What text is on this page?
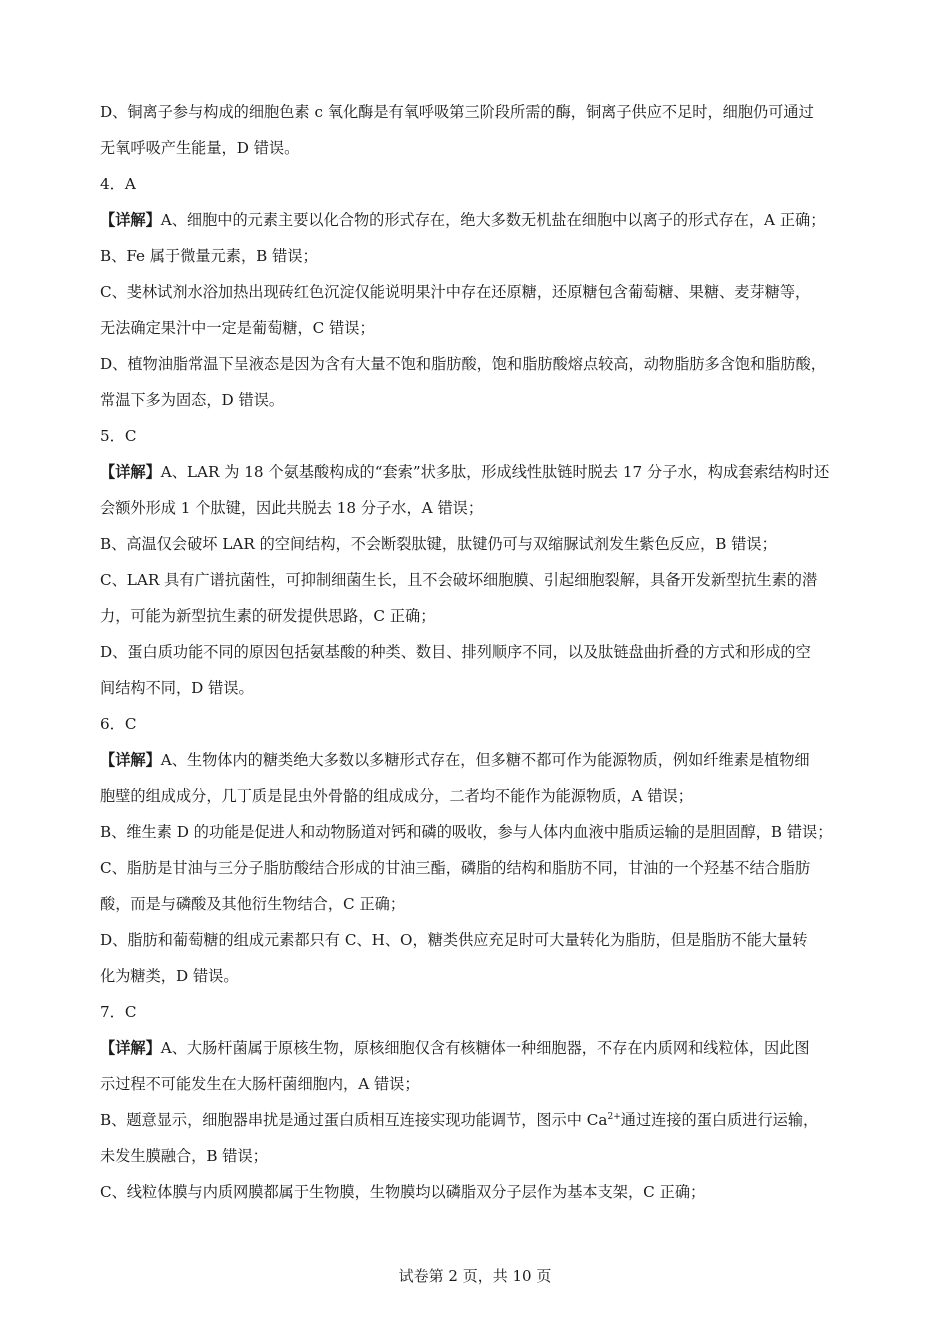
D、铜离子参与构成的细胞色素 c 氧化酶是有氧呼吸第三阶段所需的酶，铜离子供应不足时，细胞仍可通过
无氧呼吸产生能量，D 错误。
4．A
【详解】A、细胞中的元素主要以化合物的形式存在，绝大多数无机盐在细胞中以离子的形式存在，A 正确；
B、Fe 属于微量元素，B 错误；
C、斐林试剂水浴加热出现砖红色沉淀仅能说明果汁中存在还原糖，还原糖包含葡萄糖、果糖、麦芽糖等，
无法确定果汁中一定是葡萄糖，C 错误；
D、植物油脂常温下呈液态是因为含有大量不饱和脂肪酸，饱和脂肪酸熔点较高，动物脂肪多含饱和脂肪酸，
常温下多为固态，D 错误。
5．C
【详解】A、LAR 为 18 个氨基酸构成的“套索”状多肽，形成线性肽链时脱去 17 分子水，构成套索结构时还
会额外形成 1 个肽键，因此共脱去 18 分子水，A 错误；
B、高温仅会破坏 LAR 的空间结构，不会断裂肽键，肽键仍可与双缩脲试剂发生紫色反应，B 错误；
C、LAR 具有广谱抗菌性，可抑制细菌生长，且不会破坏细胞膜、引起细胞裂解，具备开发新型抗生素的潜
力，可能为新型抗生素的研发提供思路，C 正确；
D、蛋白质功能不同的原因包括氨基酸的种类、数目、排列顺序不同，以及肽链盘曲折叠的方式和形成的空
间结构不同，D 错误。
6．C
【详解】A、生物体内的糖类绝大多数以多糖形式存在，但多糖不都可作为能源物质，例如纤维素是植物细
胞壁的组成成分，几丁质是昆虫外骨骼的组成成分，二者均不能作为能源物质，A 错误；
B、维生素 D 的功能是促进人和动物肠道对钙和磷的吸收，参与人体内血液中脂质运输的是胆固醇，B 错误；
C、脂肪是甘油与三分子脂肪酸结合形成的甘油三酯，磷脂的结构和脂肪不同，甘油的一个羟基不结合脂肪
酸，而是与磷酸及其他衍生物结合，C 正确；
D、脂肪和葡萄糖的组成元素都只有 C、H、O，糖类供应充足时可大量转化为脂肪，但是脂肪不能大量转
化为糖类，D 错误。
7．C
【详解】A、大肠杆菌属于原核生物，原核细胞仅含有核糖体一种细胞器，不存在内质网和线粒体，因此图
示过程不可能发生在大肠杆菌细胞内，A 错误；
B、题意显示，细胞器串扰是通过蛋白质相互连接实现功能调节，图示中 $Ca^{2+}$通过连接的蛋白质进行运输，
未发生膜融合，B 错误；
C、线粒体膜与内质网膜都属于生物膜，生物膜均以磷脂双分子层作为基本支架，C 正确；
试卷第 2 页，共 10 页
